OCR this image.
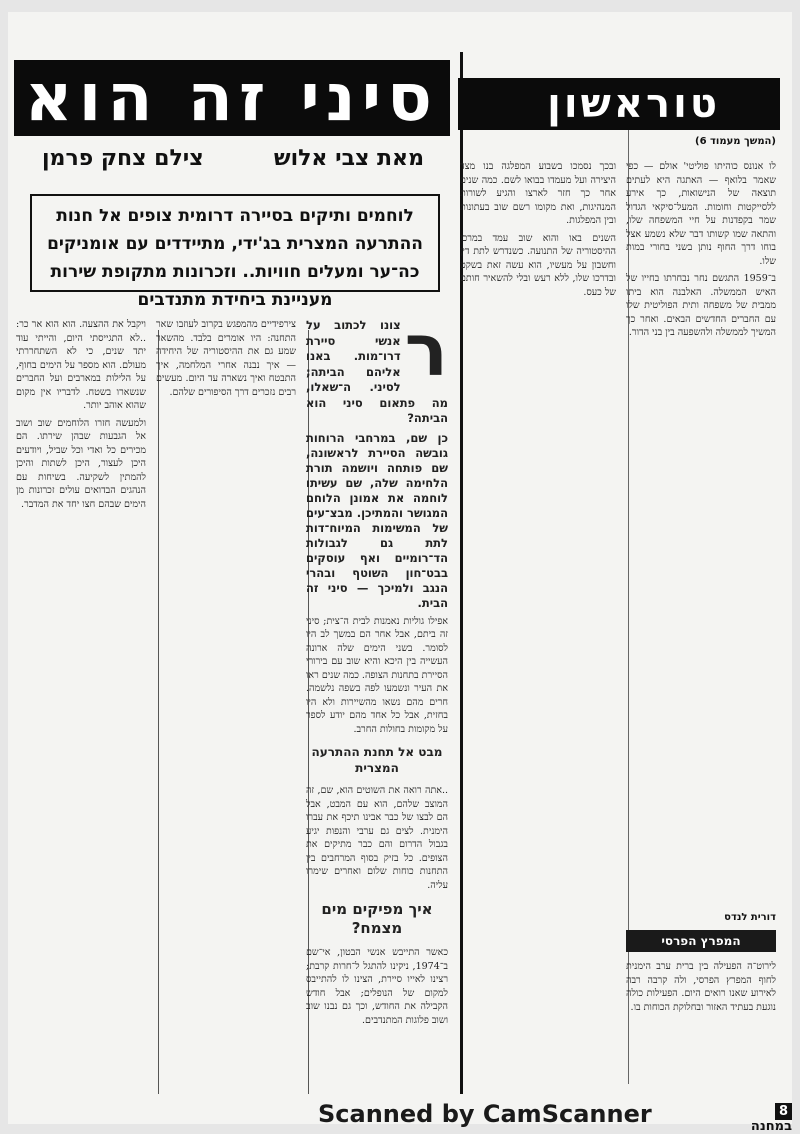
סיני זה הוא
מאת צבי אלוש
צילם צחק פרמן
לוחמים ותיקים בסיירה דרומית צופים אל חנות ההתרעה המצרית בג'ידי, מתיידדים עם אומניקים כה־ער ומעלים חוויות.. וזכרונות מתקופת שירות מעניינת ביחידת מתנדבים

ר
צונו לכתוב על אנשי סיירת דרו־מות. באנו אליהם הביתה; לסיני. ה־שאלו, מה פתאום סיני הוא הביתה?

כן שם, במרחבי הרוחות גובשה הסיירת לראשונה, שם פותחה ויושמה תורת הלחימה שלה, שם עשיתו לוחמה את אמונן הלוחם המגושר והמתיכן. מבצ־עים של המשימות המיוח־דות לתת גם לגבולות הד־רומיים ואף עוסקים בבט־חון השוטף ובהרי הנגב ולמיכך — סיני זה הבית.

אפילו גוליות נאמנות לבית ה־צית; סיני זה ביתם, אבל אחר הם במשך לב היו לסומר. בשני הימים שלה ארונה העשייה בין היכא והיא שוב עם בירורי הסיירת בתחנות הצופה. כמה שנים ראו את העיר ונשמעו לפה בשפה נלשמה. חרים מהם נשאו מהשיירות ולא היו בחזית, אבל כל אחד מהם יודע לספר על מקומות בחולות החרב.

מבט אל תחנת ההתרעה המצרית

..אתה רואה את השוטים הוא, שם, זה המוצב שלהם, הוא עם המבט, אבל הם לבצו של כבר אבינו תיכף את עברו הימנית. לצים גם ערבי והנפות יגיע בגבול הדרום והם כבר מתיקים את הצופים. כל בזיק בסוף המרחבים בין התחנות כוחות שלום ואחרים שימרו עליה.

איך מפיקים מים מצמח?

כאשר התייבש אנשי הבטון, אי־שם ב־1974, ניקינו להתגל ל־חרות קרבת; רצינו לאייו סיירת, הצינו לו להתייבס למקום של הנופלים; אבל חודש הקבילה את החודש, וכך גם נבנו שוב ושוב פלוגות המתנדבים.

צירפידיים מהמפגש בקרוב לעוזבו שאר התחנה: היו אומרים בלבד. מהשאר שמע גם את ההיסטוריה של היחידה — איך נבנה אחרי המלחמה, איך התבטח ואיך נשארה עד היום. מעשים רבים נזכרים דרך הסיפורים שלהם.

ויקבל את ההצעה. הוא הוא אר כר: ..לא התגייסתי היום, והייתי עוד יתד שנים, כי לא השתחררתי מעולם. הוא מספר על הימים בחוף, על הלילות במארבים ועל החברים שנשארו בשטח. לדבריו אין מקום שהוא אוהב יותר.

ולמעשה חזרו הלוחמים שוב ושוב אל הגבעות שבהן שירתו. הם מכירים כל ואדי וכל שביל, ויודעים היכן לעצור, היכן לשתות והיכן להמתין לשקיעה. בשיחות עם הנהגים הבדואים עולים זכרונות מן הימים שבהם חצו יחד את המדבר.

טוראשון
(המשך מעמוד 6)

לו אנונס כוהיתו פוליטי' אולם — כפי שאמר בלואף — האתגה היא לעתים תוצאה של הנישואות, כך אירע ללסייקטות וחומות. המעל־סיקאי הגדול שמר בקפדנות על חיי המשפחה שלו, והתאה שמו קשותו דבר שלא נשמע אצל בוחו דרך החוף נותן בשני בחורי במות שלו.

ב־1959 התגשם נחר נבחרתו בחייו של האיש הממשלה. האלבנה הוא ביתו ממבית של משפחה ותית הפוליטית שלו עם החברים החדשים הבאים. ואחר כך המשיך לממשלה ולהשפעה בין בני הדור.

ובכך נסמכו בשבוע המפלגה בנו מצד היצירה ועל מעמדו בבואו לשם. כמה שנים אחר כך חזר לארצו והגיע לשורות המנהיגות, ואת מקומו רשם שוב בעתונות ובין המפלגות.

השנים באו והוא שוב עמד במרכז ההיסטוריה של התנועה. כשנדרש לתת דין וחשבון על מעשיו, הוא עשה זאת בשקט ובדרכו שלו, ללא רעש ובלי להשאיר חותם של כעס.

דורית לנדס
המפרץ הפרסי

לירוט־ה הפעילה בין ברית ערב הימנית לחוף המפרץ הפרסי, ולה קרבה רבה לאירוע שאנו רואים היום. הפעילות כולה נוגעת בעתיד האזור ובחלוקת הכוחות בו.

Scanned by CamScanner	8 במחנה
